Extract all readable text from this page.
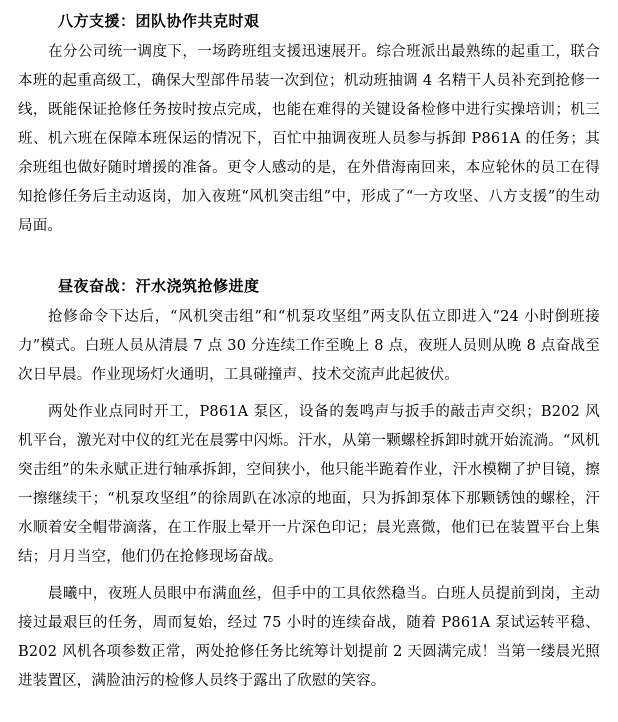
八方支援：团队协作共克时艰

在分公司统一调度下，一场跨班组支援迅速展开。综合班派出最熟练的起重工，联合本班的起重高级工，确保大型部件吊装一次到位；机动班抽调 4 名精干人员补充到抢修一线，既能保证抢修任务按时按点完成，也能在难得的关键设备检修中进行实操培训；机三班、机六班在保障本班保运的情况下，百忙中抽调夜班人员参与拆卸 P861A 的任务；其余班组也做好随时增援的准备。更令人感动的是，在外借海南回来，本应轮休的员工在得知抢修任务后主动返岗，加入夜班“风机突击组”中，形成了“一方攻坚、八方支援”的生动局面。

昼夜奋战：汗水浇筑抢修进度

抢修命令下达后，“风机突击组”和“机泵攻坚组”两支队伍立即进入“24 小时倒班接力”模式。白班人员从清晨 7 点 30 分连续工作至晚上 8 点，夜班人员则从晚 8 点奋战至次日早晨。作业现场灯火通明，工具碰撞声、技术交流声此起彼伏。

两处作业点同时开工，P861A 泵区，设备的轰鸣声与扳手的敲击声交织；B202 风机平台，激光对中仪的红光在晨雾中闪烁。汗水，从第一颗螺栓拆卸时就开始流淌。“风机突击组”的朱永赋正进行轴承拆卸，空间狭小，他只能半跪着作业，汗水模糊了护目镜，擦一擦继续干；“机泵攻坚组”的徐周趴在冰凉的地面，只为拆卸泵体下那颗锈蚀的螺栓，汗水顺着安全帽带滴落，在工作服上晕开一片深色印记；晨光熹微，他们已在装置平台上集结；月月当空，他们仍在抢修现场奋战。

晨曦中，夜班人员眼中布满血丝，但手中的工具依然稳当。白班人员提前到岗，主动接过最艰巨的任务，周而复始，经过 75 小时的连续奋战，随着 P861A 泵试运转平稳、B202 风机各项参数正常，两处抢修任务比统筹计划提前 2 天圆满完成！当第一缕晨光照进装置区，满脸油污的检修人员终于露出了欣慰的笑容。
